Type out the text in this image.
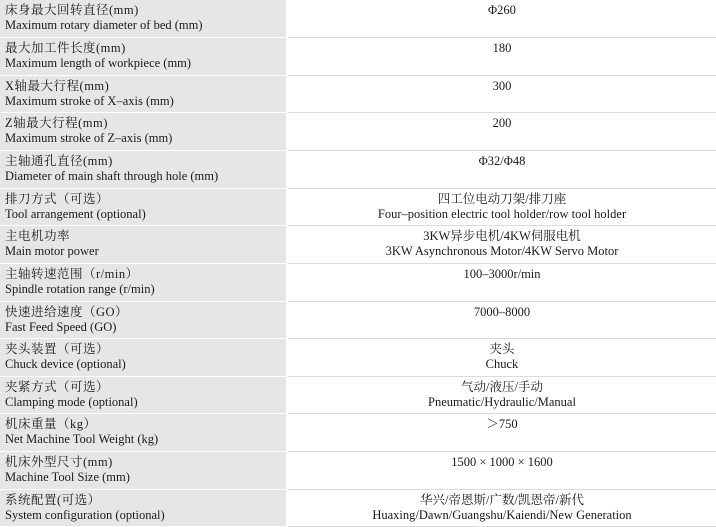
床身最大回转直径(mm)
Maximum rotary diameter of bed (mm)	Φ260

最大加工件长度(mm)
Maximum length of workpiece (mm)	180

X轴最大行程(mm)
Maximum stroke of X–axis (mm)	300

Z轴最大行程(mm)
Maximum stroke of Z–axis (mm)	200

主轴通孔直径(mm)
Diameter of main shaft through hole (mm)	Φ32/Φ48

排刀方式（可选）
Tool arrangement (optional)	四工位电动刀架/排刀座
Four–position electric tool holder/row tool holder

主电机功率
Main motor power	3KW异步电机/4KW伺服电机
3KW Asynchronous Motor/4KW Servo Motor

主轴转速范围（r/min）
Spindle rotation range (r/min)	100–3000r/min

快速进给速度（GO）
Fast Feed Speed (GO)	7000–8000

夹头装置（可选）
Chuck device (optional)	夹头
Chuck

夹紧方式（可选）
Clamping mode (optional)	气动/液压/手动
Pneumatic/Hydraulic/Manual

机床重量（kg）
Net Machine Tool Weight (kg)	＞750

机床外型尺寸(mm)
Machine Tool Size (mm)	1500 × 1000 × 1600

系统配置(可选）
System configuration (optional)	华兴/帝恩斯/广数/凯恩帝/新代
Huaxing/Dawn/Guangshu/Kaiendi/New Generation
